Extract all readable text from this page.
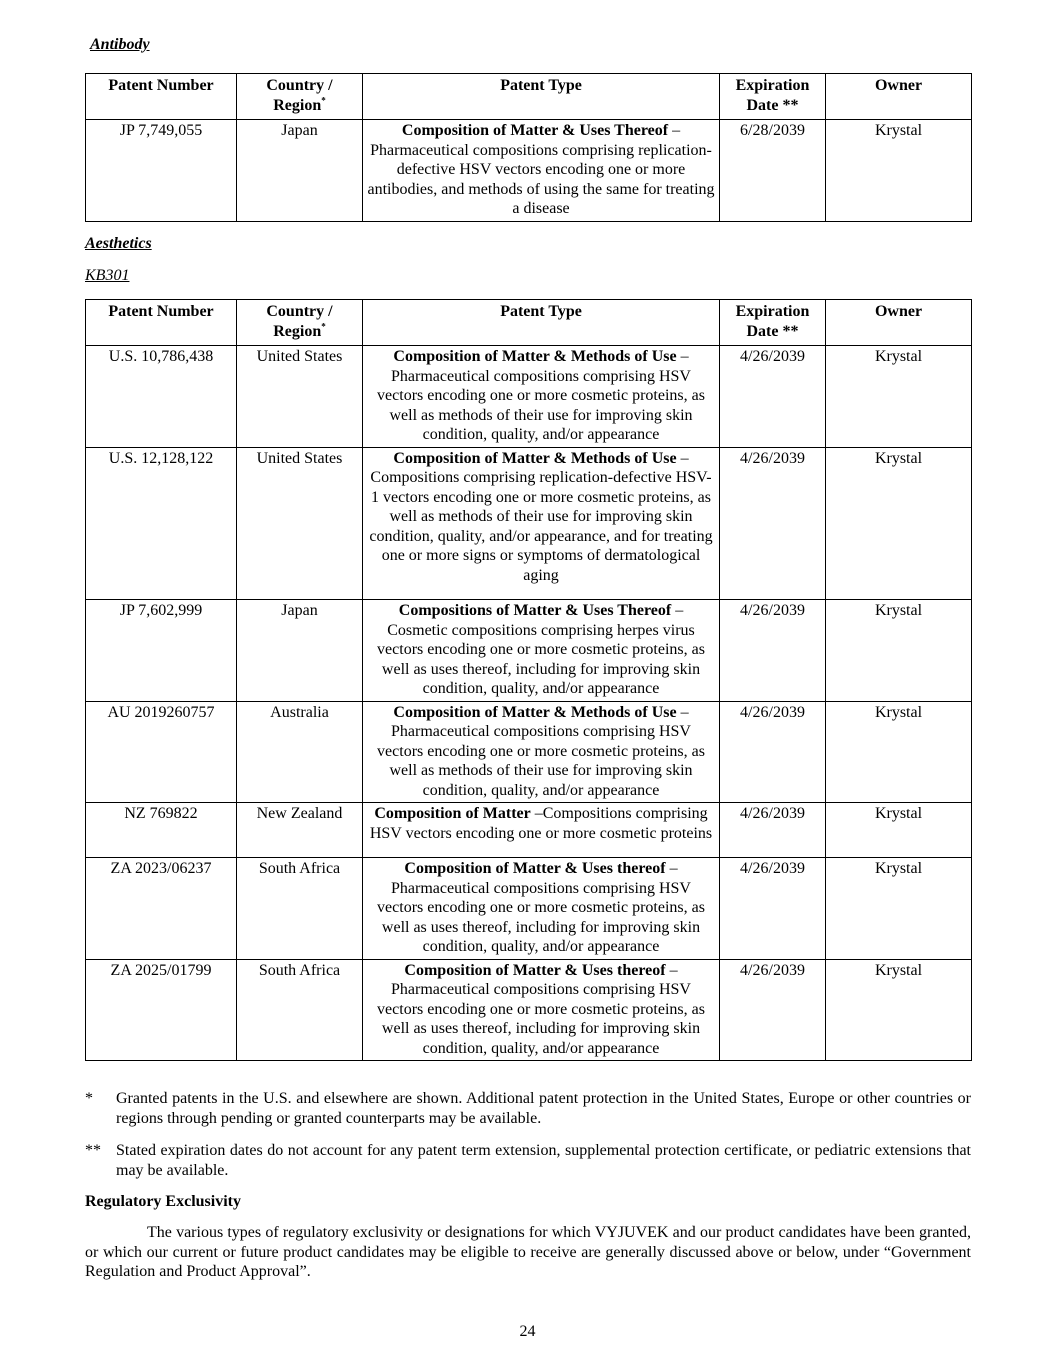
Antibody
Patent Number	Country / Region*	Patent Type	Expiration Date **	Owner
JP 7,749,055	Japan	Composition of Matter & Uses Thereof – Pharmaceutical compositions comprising replication-defective HSV vectors encoding one or more antibodies, and methods of using the same for treating a disease	6/28/2039	Krystal
Aesthetics
KB301
Patent Number	Country / Region*	Patent Type	Expiration Date **	Owner
U.S. 10,786,438	United States	Composition of Matter & Methods of Use – Pharmaceutical compositions comprising HSV vectors encoding one or more cosmetic proteins, as well as methods of their use for improving skin condition, quality, and/or appearance	4/26/2039	Krystal
U.S. 12,128,122	United States	Composition of Matter & Methods of Use – Compositions comprising replication-defective HSV-1 vectors encoding one or more cosmetic proteins, as well as methods of their use for improving skin condition, quality, and/or appearance, and for treating one or more signs or symptoms of dermatological aging	4/26/2039	Krystal
JP 7,602,999	Japan	Compositions of Matter & Uses Thereof – Cosmetic compositions comprising herpes virus vectors encoding one or more cosmetic proteins, as well as uses thereof, including for improving skin condition, quality, and/or appearance	4/26/2039	Krystal
AU 2019260757	Australia	Composition of Matter & Methods of Use – Pharmaceutical compositions comprising HSV vectors encoding one or more cosmetic proteins, as well as methods of their use for improving skin condition, quality, and/or appearance	4/26/2039	Krystal
NZ 769822	New Zealand	Composition of Matter –Compositions comprising HSV vectors encoding one or more cosmetic proteins	4/26/2039	Krystal
ZA 2023/06237	South Africa	Composition of Matter & Uses thereof – Pharmaceutical compositions comprising HSV vectors encoding one or more cosmetic proteins, as well as uses thereof, including for improving skin condition, quality, and/or appearance	4/26/2039	Krystal
ZA 2025/01799	South Africa	Composition of Matter & Uses thereof – Pharmaceutical compositions comprising HSV vectors encoding one or more cosmetic proteins, as well as uses thereof, including for improving skin condition, quality, and/or appearance	4/26/2039	Krystal
* Granted patents in the U.S. and elsewhere are shown. Additional patent protection in the United States, Europe or other countries or regions through pending or granted counterparts may be available.
** Stated expiration dates do not account for any patent term extension, supplemental protection certificate, or pediatric extensions that may be available.
Regulatory Exclusivity
The various types of regulatory exclusivity or designations for which VYJUVEK and our product candidates have been granted, or which our current or future product candidates may be eligible to receive are generally discussed above or below, under “Government Regulation and Product Approval”.
24
